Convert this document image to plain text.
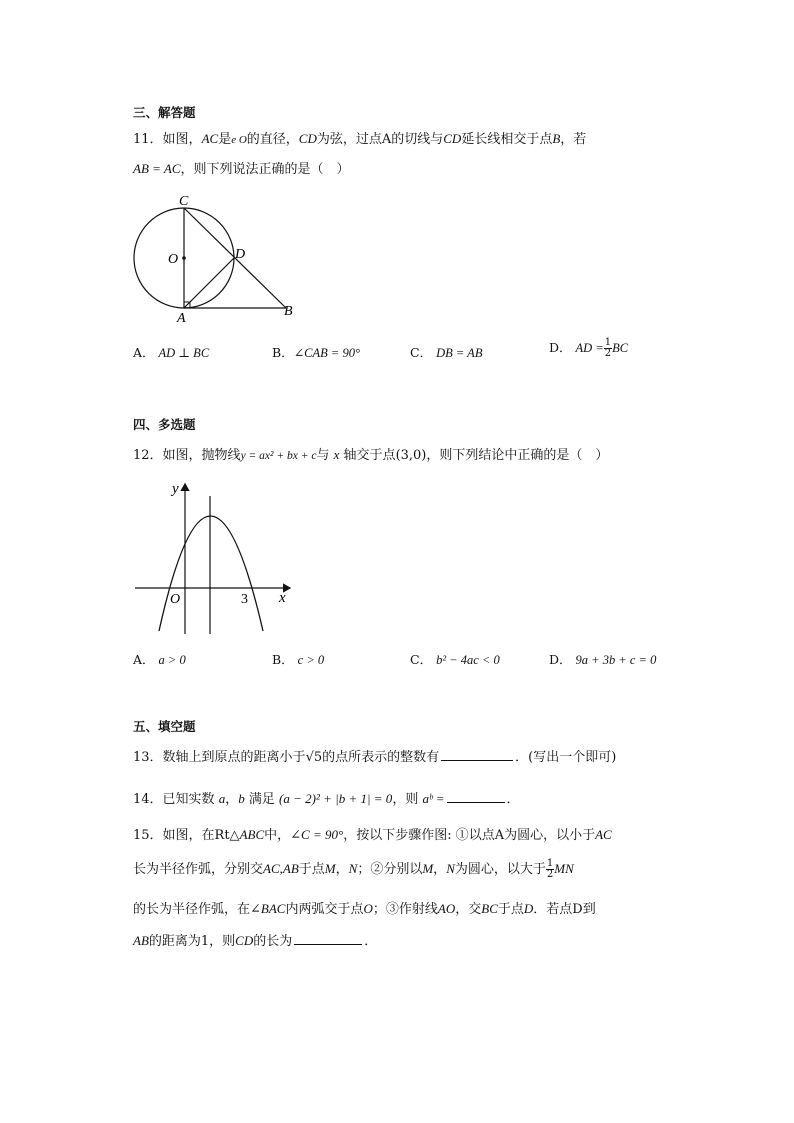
三、解答题
11．如图，AC是e O的直径，CD为弦，过点A的切线与CD延长线相交于点B，若
AB = AC，则下列说法正确的是（　）
C
O	D
A	B
A． AD ⊥ BC	B．∠CAB = 90°	C． DB = AB	D． AD = $\frac{1}{2}$ BC
四、多选题
12．如图，抛物线y = ax² + bx + c与 x 轴交于点(3,0)，则下列结论中正确的是（　）
y
x
O	3
A． a > 0	B． c > 0	C． b² − 4ac < 0	D． 9a + 3b + c = 0
五、填空题
13．数轴上到原点的距离小于√5的点所表示的整数有	．(写出一个即可)
14．已知实数 a，b 满足 (a − 2)² + |b + 1| = 0，则 aᵇ =	．
15．如图，在Rt△ABC中，∠C = 90°，按以下步骤作图: ①以点A为圆心，以小于AC
长为半径作弧，分别交AC,AB于点M，N；②分别以M，N为圆心，以大于 $\frac{1}{2}$ MN
的长为半径作弧，在∠BAC内两弧交于点O；③作射线AO，交BC于点D．若点D到
AB的距离为1，则CD的长为	．
